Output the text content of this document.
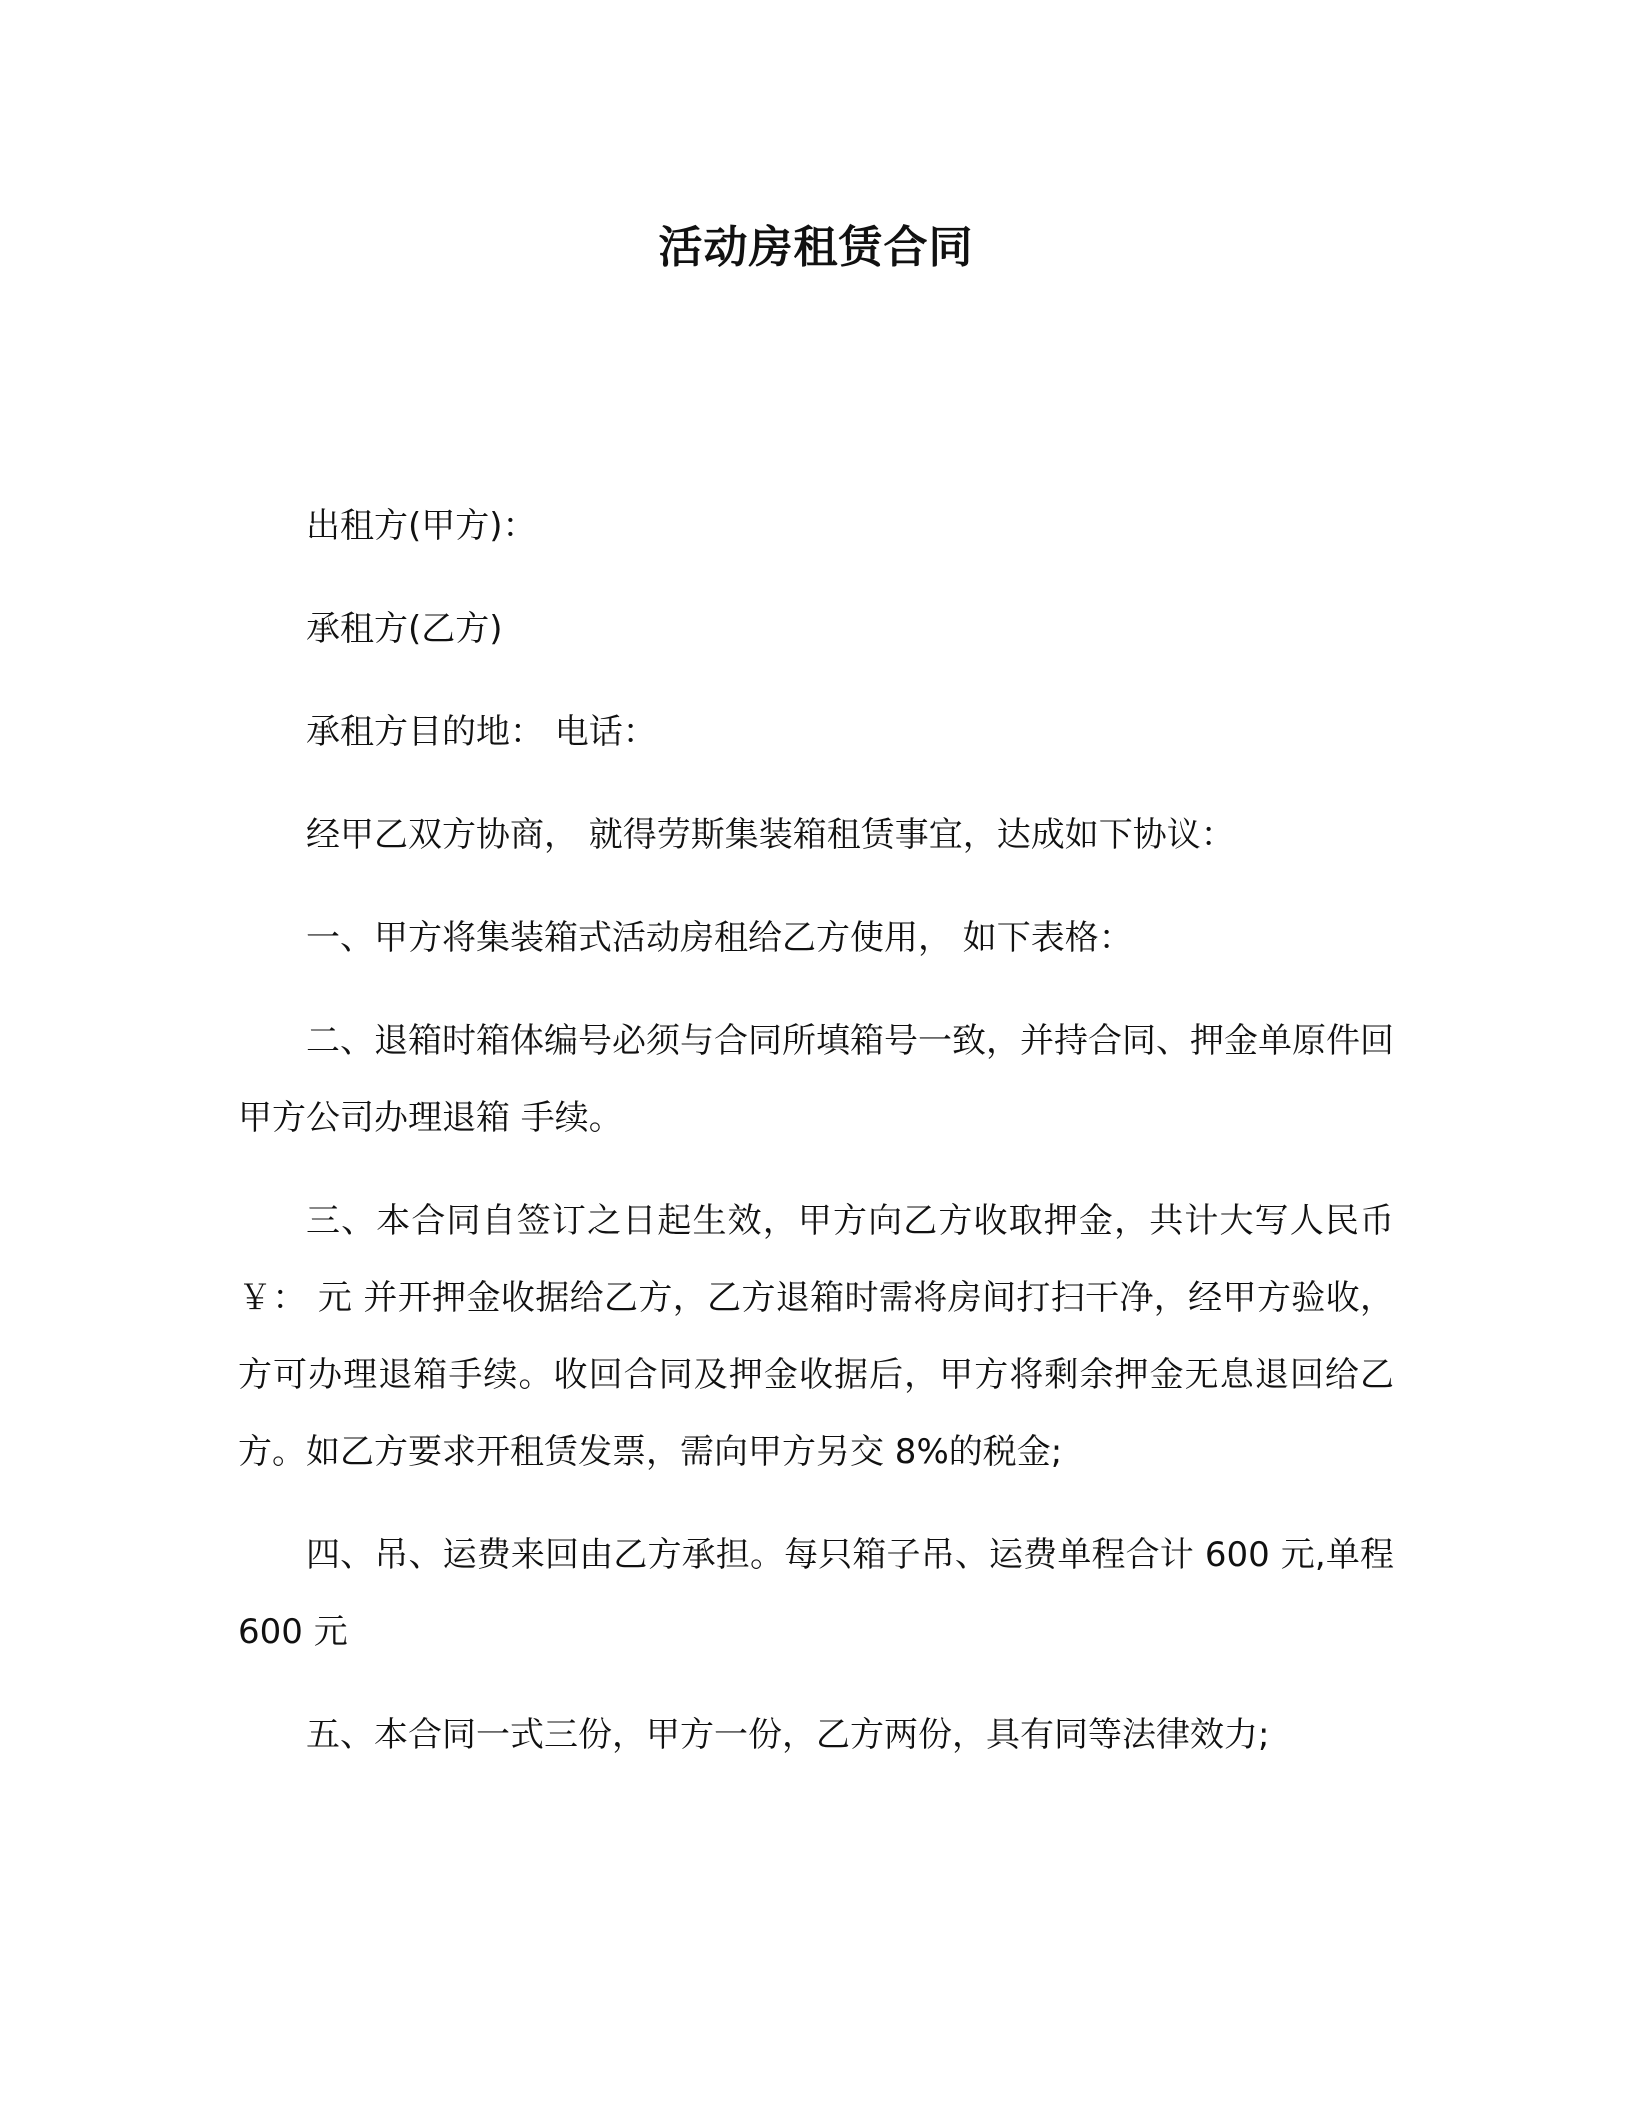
活动房租赁合同

出租方(甲方)：

承租方(乙方)

承租方目的地： 电话：

经甲乙双方协商， 就得劳斯集装箱租赁事宜，达成如下协议：

一、甲方将集装箱式活动房租给乙方使用， 如下表格：

二、退箱时箱体编号必须与合同所填箱号一致，并持合同、押金单原件回甲方公司办理退箱 手续。

三、本合同自签订之日起生效，甲方向乙方收取押金，共计大写人民币 ￥： 元 并开押金收据给乙方，乙方退箱时需将房间打扫干净，经甲方验收，方可办理退箱手续。收回合同及押金收据后，甲方将剩余押金无息退回给乙方。如乙方要求开租赁发票，需向甲方另交 8%的税金;

四、吊、运费来回由乙方承担。每只箱子吊、运费单程合计 600 元,单程 600 元

五、本合同一式三份，甲方一份，乙方两份，具有同等法律效力;
